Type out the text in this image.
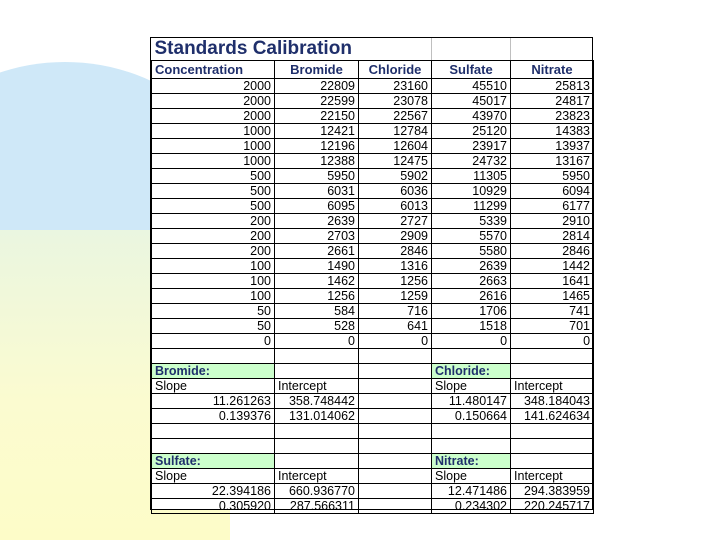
Standards Calibration				
Concentration	Bromide	Chloride	Sulfate	Nitrate
2000	22809	23160	45510	25813
2000	22599	23078	45017	24817
2000	22150	22567	43970	23823
1000	12421	12784	25120	14383
1000	12196	12604	23917	13937
1000	12388	12475	24732	13167
500	5950	5902	11305	5950
500	6031	6036	10929	6094
500	6095	6013	11299	6177
200	2639	2727	5339	2910
200	2703	2909	5570	2814
200	2661	2846	5580	2846
100	1490	1316	2639	1442
100	1462	1256	2663	1641
100	1256	1259	2616	1465
50	584	716	1706	741
50	528	641	1518	701
0	0	0	0	0

Bromide:			Chloride:	
Slope	Intercept		Slope	Intercept
11.261263	358.748442		11.480147	348.184043
0.139376	131.014062		0.150664	141.624634

Sulfate:			Nitrate:	
Slope	Intercept		Slope	Intercept
22.394186	660.936770		12.471486	294.383959
0.305920	287.566311		0.234302	220.245717
